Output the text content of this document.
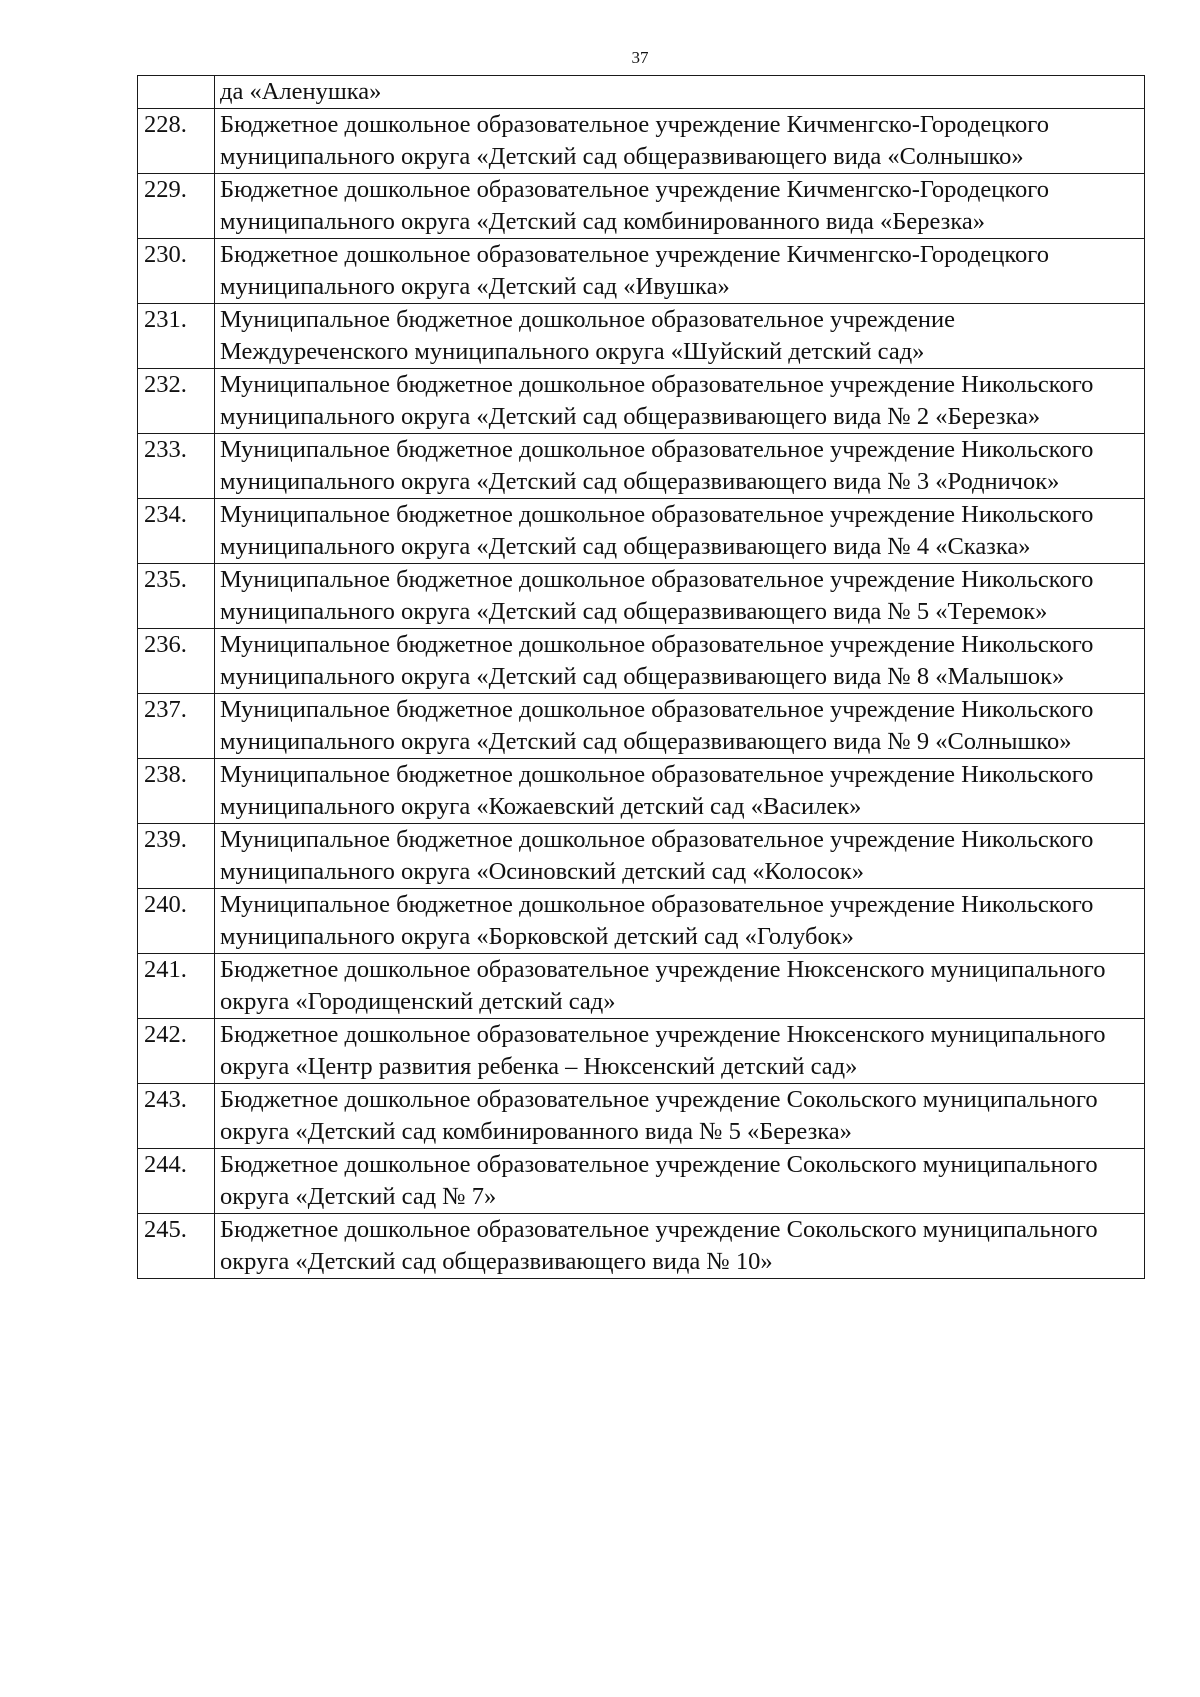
37
	да «Аленушка»
228.	Бюджетное дошкольное образовательное учреждение Кичменгско-Городецкого муниципального округа «Детский сад общеразвивающего вида «Солнышко»
229.	Бюджетное дошкольное образовательное учреждение Кичменгско-Городецкого муниципального округа «Детский сад комбинированного вида «Березка»
230.	Бюджетное дошкольное образовательное учреждение Кичменгско-Городецкого муниципального округа «Детский сад «Ивушка»
231.	Муниципальное бюджетное дошкольное образовательное учреждение Междуреченского муниципального округа «Шуйский детский сад»
232.	Муниципальное бюджетное дошкольное образовательное учреждение Никольского муниципального округа «Детский сад общеразвивающего вида № 2 «Березка»
233.	Муниципальное бюджетное дошкольное образовательное учреждение Никольского муниципального округа «Детский сад общеразвивающего вида № 3 «Родничок»
234.	Муниципальное бюджетное дошкольное образовательное учреждение Никольского муниципального округа «Детский сад общеразвивающего вида № 4 «Сказка»
235.	Муниципальное бюджетное дошкольное образовательное учреждение Никольского муниципального округа «Детский сад общеразвивающего вида № 5 «Теремок»
236.	Муниципальное бюджетное дошкольное образовательное учреждение Никольского муниципального округа «Детский сад общеразвивающего вида № 8 «Малышок»
237.	Муниципальное бюджетное дошкольное образовательное учреждение Никольского муниципального округа «Детский сад общеразвивающего вида № 9 «Солнышко»
238.	Муниципальное бюджетное дошкольное образовательное учреждение Никольского муниципального округа «Кожаевский детский сад «Василек»
239.	Муниципальное бюджетное дошкольное образовательное учреждение Никольского муниципального округа «Осиновский детский сад «Колосок»
240.	Муниципальное бюджетное дошкольное образовательное учреждение Никольского муниципального округа «Борковской детский сад «Голубок»
241.	Бюджетное дошкольное образовательное учреждение Нюксенского муниципального округа «Городищенский детский сад»
242.	Бюджетное дошкольное образовательное учреждение Нюксенского муниципального округа «Центр развития ребенка – Нюксенский детский сад»
243.	Бюджетное дошкольное образовательное учреждение Сокольского муниципального округа «Детский сад комбинированного вида № 5 «Березка»
244.	Бюджетное дошкольное образовательное учреждение Сокольского муниципального округа «Детский сад № 7»
245.	Бюджетное дошкольное образовательное учреждение Сокольского муниципального округа «Детский сад общеразвивающего вида № 10»
